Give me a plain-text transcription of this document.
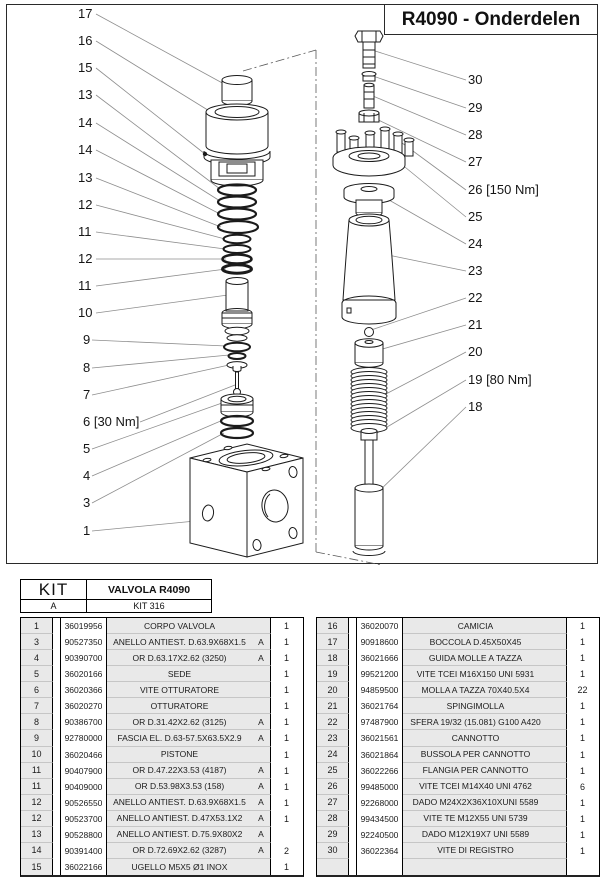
R4090 - Onderdelen
17
16
15
13
14
14
13
12
11
12
11
10
9
8
7
6 [30 Nm]
5
4
3
1
30
29
28
27
26 [150 Nm]
25
24
23
22
21
20
19 [80 Nm]
18
KIT	VALVOLA R4090
A	KIT 316
1	36019956	CORPO VALVOLA	1
3	90527350	ANELLO ANTIEST. D.63.9X68X1.5	A	1
4	90390700	OR D.63.17X2.62 (3250)	A	1
5	36020166	SEDE	1
6	36020366	VITE OTTURATORE	1
7	36020270	OTTURATORE	1
8	90386700	OR D.31.42X2.62 (3125)	A	1
9	92780000	FASCIA EL. D.63-57.5X63.5X2.9	A	1
10	36020466	PISTONE	1
11	90407900	OR D.47.22X3.53 (4187)	A	1
11	90409000	OR D.53.98X3.53 (158)	A	1
12	90526550	ANELLO ANTIEST. D.63.9X68X1.5	A	1
12	90523700	ANELLO ANTIEST. D.47X53.1X2	A	1
13	90528800	ANELLO ANTIEST. D.75.9X80X2	A
14	90391400	OR D.72.69X2.62 (3287)	A	2
15	36022166	UGELLO M5X5 Ø1 INOX	1
16	36020070	CAMICIA	1
17	90918600	BOCCOLA D.45X50X45	1
18	36021666	GUIDA MOLLE A TAZZA	1
19	99521200	VITE TCEI M16X150 UNI 5931	1
20	94859500	MOLLA A TAZZA 70X40.5X4	22
21	36021764	SPINGIMOLLA	1
22	97487900	SFERA 19/32 (15.081) G100 A420	1
23	36021561	CANNOTTO	1
24	36021864	BUSSOLA PER CANNOTTO	1
25	36022266	FLANGIA PER CANNOTTO	1
26	99485000	VITE TCEI M14X40 UNI 4762	6
27	92268000	DADO M24X2X36X10XUNI 5589	1
28	99434500	VITE TE M12X55 UNI 5739	1
29	92240500	DADO M12X19X7 UNI 5589	1
30	36022364	VITE DI REGISTRO	1
